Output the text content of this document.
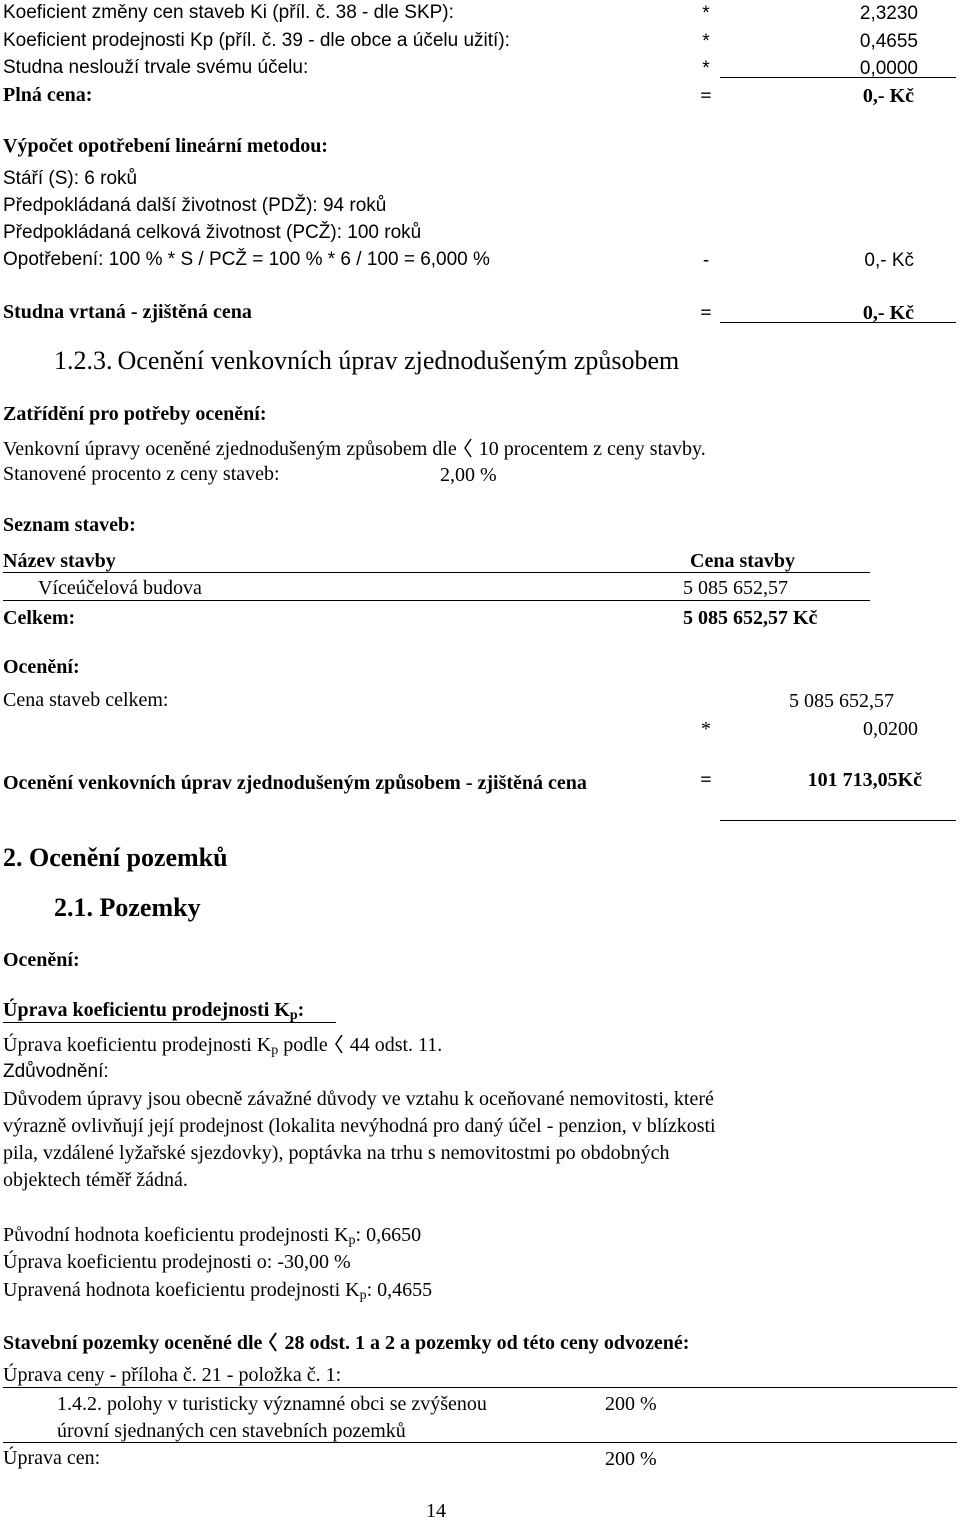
Koeficient změny cen staveb Ki (příl. č. 38 - dle SKP):	*	2,3230
Koeficient prodejnosti Kp (příl. č. 39 - dle obce a účelu užití):	*	0,4655
Studna neslouží trvale svému účelu:	*	0,0000
Plná cena:	=	0,- Kč
Výpočet opotřebení lineární metodou:
Stáří (S): 6 roků
Předpokládaná další životnost (PDŽ): 94 roků
Předpokládaná celková životnost (PCŽ): 100 roků
Opotřebení: 100 % * S / PCŽ = 100 % * 6 / 100 = 6,000 %	-	0,- Kč
Studna vrtaná - zjištěná cena	=	0,- Kč
1.2.3. Ocenění venkovních úprav zjednodušeným způsobem
Zatřídění pro potřeby ocenění:
Venkovní úpravy oceněné zjednodušeným způsobem dle 10 procentem z ceny stavby.
Stanovené procento z ceny staveb:	2,00 %
Seznam staveb:
Název stavby	Cena stavby
Víceúčelová budova	5 085 652,57
Celkem:	5 085 652,57 Kč
Ocenění:
Cena staveb celkem:	5 085 652,57
*	0,0200
Ocenění venkovních úprav zjednodušeným způsobem - zjištěná cena	=	101 713,05Kč
2. Ocenění pozemků
2.1. Pozemky
Ocenění:
Úprava koeficientu prodejnosti $K_p$:
Úprava koeficientu prodejnosti $K_p$ podle 44 odst. 11.
Zdůvodnění:
Důvodem úpravy jsou obecně závažné důvody ve vztahu k oceňované nemovitosti, které
výrazně ovlivňují její prodejnost (lokalita nevýhodná pro daný účel - penzion, v blízkosti
pila, vzdálené lyžařské sjezdovky), poptávka na trhu s nemovitostmi po obdobných
objektech téměř žádná.
Původní hodnota koeficientu prodejnosti $K_p$: 0,6650
Úprava koeficientu prodejnosti o: -30,00 %
Upravená hodnota koeficientu prodejnosti $K_p$: 0,4655
Stavební pozemky oceněné dle 28 odst. 1 a 2 a pozemky od této ceny odvozené:
Úprava ceny - příloha č. 21 - položka č. 1:
1.4.2. polohy v turisticky významné obci se zvýšenou	200 %
úrovní sjednaných cen stavebních pozemků
Úprava cen:	200 %
14
